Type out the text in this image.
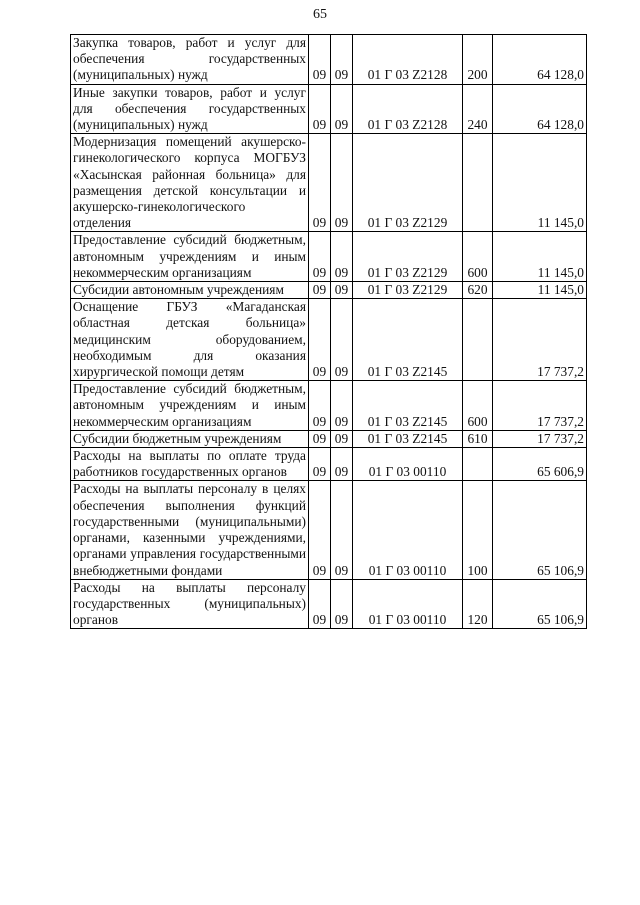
65
Закупка товаров, работ и услуг для обеспечения государственных (муниципальных) нужд	09	09	01 Г 03 Z2128	200	64 128,0
Иные закупки товаров, работ и услуг для обеспечения государственных (муниципальных) нужд	09	09	01 Г 03 Z2128	240	64 128,0
Модернизация помещений акушерско-гинекологического корпуса МОГБУЗ «Хасынская районная больница» для размещения детской консультации и акушерско-гинекологического отделения	09	09	01 Г 03 Z2129		11 145,0
Предоставление субсидий бюджетным, автономным учреждениям и иным некоммерческим организациям	09	09	01 Г 03 Z2129	600	11 145,0
Субсидии автономным учреждениям	09	09	01 Г 03 Z2129	620	11 145,0
Оснащение ГБУЗ «Магаданская областная детская больница» медицинским оборудованием, необходимым для оказания хирургической помощи детям	09	09	01 Г 03 Z2145		17 737,2
Предоставление субсидий бюджетным, автономным учреждениям и иным некоммерческим организациям	09	09	01 Г 03 Z2145	600	17 737,2
Субсидии бюджетным учреждениям	09	09	01 Г 03 Z2145	610	17 737,2
Расходы на выплаты по оплате труда работников государственных органов	09	09	01 Г 03 00110		65 606,9
Расходы на выплаты персоналу в целях обеспечения выполнения функций государственными (муниципальными) органами, казенными учреждениями, органами управления государственными внебюджетными фондами	09	09	01 Г 03 00110	100	65 106,9
Расходы на выплаты персоналу государственных (муниципальных) органов	09	09	01 Г 03 00110	120	65 106,9
